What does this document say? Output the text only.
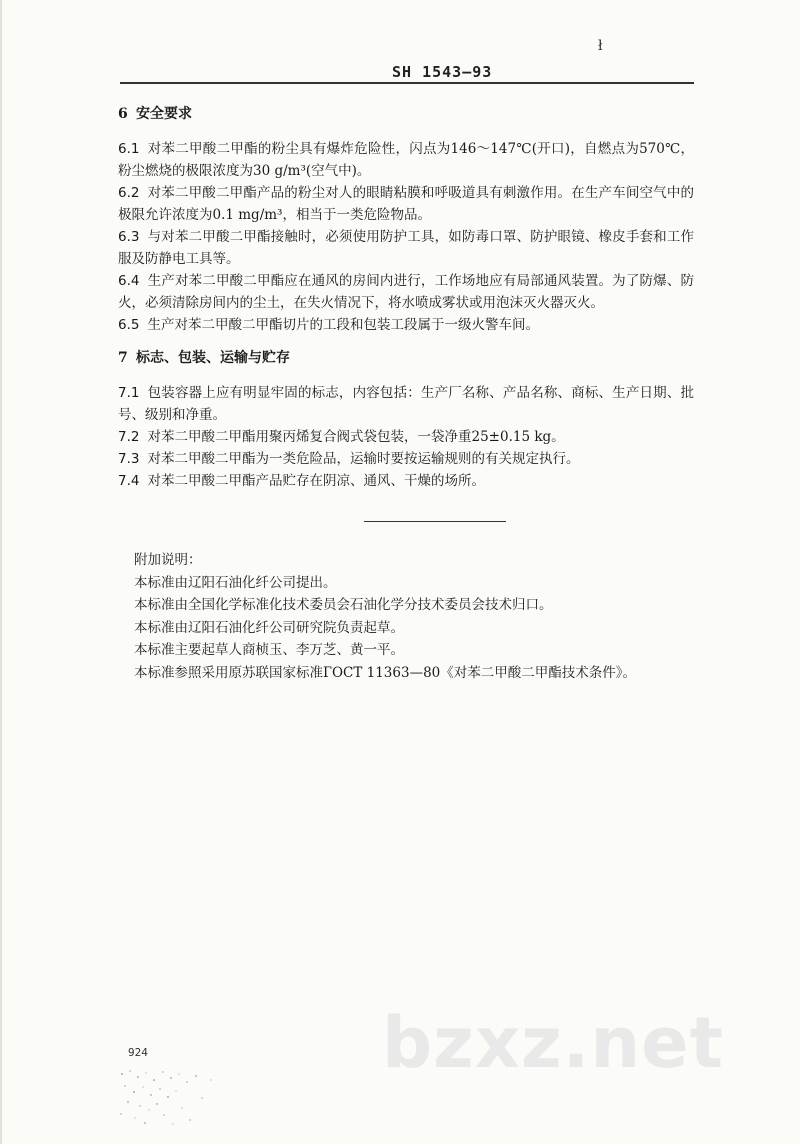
ł
SH 1543—93
6 安全要求

6.1 对苯二甲酸二甲酯的粉尘具有爆炸危险性，闪点为146～147℃(开口)，自燃点为570℃，粉尘燃烧的极限浓度为30 g/m³(空气中)。

6.2 对苯二甲酸二甲酯产品的粉尘对人的眼睛粘膜和呼吸道具有刺激作用。在生产车间空气中的极限允许浓度为0.1 mg/m³，相当于一类危险物品。

6.3 与对苯二甲酸二甲酯接触时，必须使用防护工具，如防毒口罩、防护眼镜、橡皮手套和工作服及防静电工具等。

6.4 生产对苯二甲酸二甲酯应在通风的房间内进行，工作场地应有局部通风装置。为了防爆、防火，必须清除房间内的尘土，在失火情况下，将水喷成雾状或用泡沫灭火器灭火。

6.5 生产对苯二甲酸二甲酯切片的工段和包装工段属于一级火警车间。

7 标志、包装、运输与贮存

7.1 包装容器上应有明显牢固的标志，内容包括：生产厂名称、产品名称、商标、生产日期、批号、级别和净重。

7.2 对苯二甲酸二甲酯用聚丙烯复合阀式袋包装，一袋净重25±0.15 kg。

7.3 对苯二甲酸二甲酯为一类危险品，运输时要按运输规则的有关规定执行。

7.4 对苯二甲酸二甲酯产品贮存在阴凉、通风、干燥的场所。

附加说明：

本标准由辽阳石油化纤公司提出。

本标准由全国化学标准化技术委员会石油化学分技术委员会技术归口。

本标准由辽阳石油化纤公司研究院负责起草。

本标准主要起草人商桢玉、李万芝、黄一平。

本标准参照采用原苏联国家标准ГОСТ 11363—80《对苯二甲酸二甲酯技术条件》。

bzxz.net
924
